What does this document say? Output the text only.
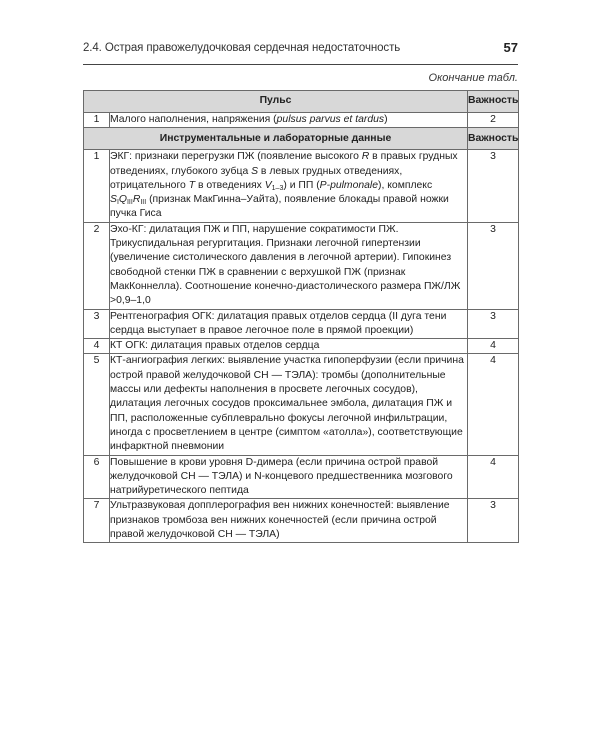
2.4. Острая правожелудочковая сердечная недостаточность	57
Окончание табл.
Пульс		Важность
1	Малого наполнения, напряжения (pulsus parvus et tardus)	2
Инструментальные и лабораторные данные		Важность
1	ЭКГ: признаки перегрузки ПЖ (появление высокого R в правых грудных отведениях, глубокого зубца S в левых грудных отведениях, отрицательного T в отведениях $V_{1-3}$) и ПП (P-pulmonale), комплекс $S_IQ_{III}R_{III}$ (признак МакГинна–Уайта), появление блокады правой ножки пучка Гиса	3
2	Эхо-КГ: дилатация ПЖ и ПП, нарушение сократимости ПЖ. Трикуспидальная регургитация. Признаки легочной гипертензии (увеличение систолического давления в легочной артерии). Гипокинез свободной стенки ПЖ в сравнении с верхушкой ПЖ (признак МакКоннелла). Соотношение конечно-диастолического размера ПЖ/ЛЖ >0,9–1,0	3
3	Рентгенография ОГК: дилатация правых отделов сердца (II дуга тени сердца выступает в правое легочное поле в прямой проекции)	3
4	КТ ОГК: дилатация правых отделов сердца	4
5	КТ-ангиография легких: выявление участка гипоперфузии (если причина острой правой желудочковой СН — ТЭЛА): тромбы (дополнительные массы или дефекты наполнения в просвете легочных сосудов), дилатация легочных сосудов проксимальнее эмбола, дилатация ПЖ и ПП, расположенные субплеврально фокусы легочной инфильтрации, иногда с просветлением в центре (симптом «атолла»), соответствующие инфарктной пневмонии	4
6	Повышение в крови уровня D-димера (если причина острой правой желудочковой СН — ТЭЛА) и N-концевого предшественника мозгового натрийуретического пептида	4
7	Ультразвуковая допплерография вен нижних конечностей: выявление признаков тромбоза вен нижних конечностей (если причина острой правой желудочковой СН — ТЭЛА)	3
